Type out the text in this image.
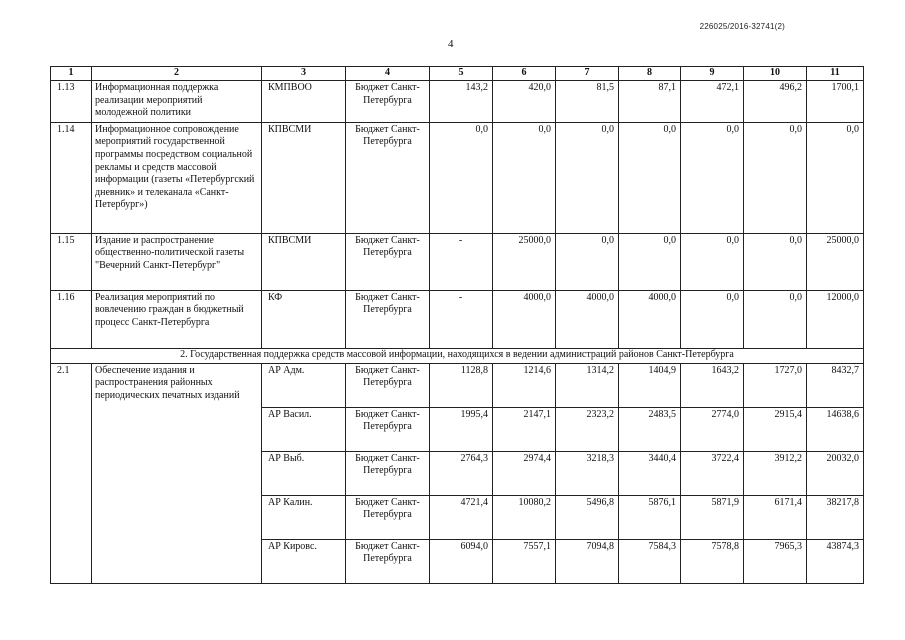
226025/2016-32741(2)
4
1	2	3	4	5	6	7	8	9	10	11
1.13	Информационная поддержка реализации мероприятий молодежной политики	КМПВОО	Бюджет Санкт-Петербурга	143,2	420,0	81,5	87,1	472,1	496,2	1700,1
1.14	Информационное сопровождение мероприятий государственной программы посредством социальной рекламы и средств массовой информации (газеты «Петербургский дневник» и телеканала «Санкт-Петербург»)	КПВСМИ	Бюджет Санкт-Петербурга	0,0	0,0	0,0	0,0	0,0	0,0	0,0
1.15	Издание и распространение общественно-политической газеты "Вечерний Санкт-Петербург"	КПВСМИ	Бюджет Санкт-Петербурга	-	25000,0	0,0	0,0	0,0	0,0	25000,0
1.16	Реализация мероприятий по вовлечению граждан в бюджетный процесс Санкт-Петербурга	КФ	Бюджет Санкт-Петербурга	-	4000,0	4000,0	4000,0	0,0	0,0	12000,0
2. Государственная поддержка средств массовой информации, находящихся в ведении администраций районов Санкт-Петербурга										
2.1	Обеспечение издания и распространения районных периодических печатных изданий	АР Адм.	Бюджет Санкт-Петербурга	1128,8	1214,6	1314,2	1404,9	1643,2	1727,0	8432,7
		АР Васил.	Бюджет Санкт-Петербурга	1995,4	2147,1	2323,2	2483,5	2774,0	2915,4	14638,6
		АР Выб.	Бюджет Санкт-Петербурга	2764,3	2974,4	3218,3	3440,4	3722,4	3912,2	20032,0
		АР Калин.	Бюджет Санкт-Петербурга	4721,4	10080,2	5496,8	5876,1	5871,9	6171,4	38217,8
		АР Кировс.	Бюджет Санкт-Петербурга	6094,0	7557,1	7094,8	7584,3	7578,8	7965,3	43874,3
